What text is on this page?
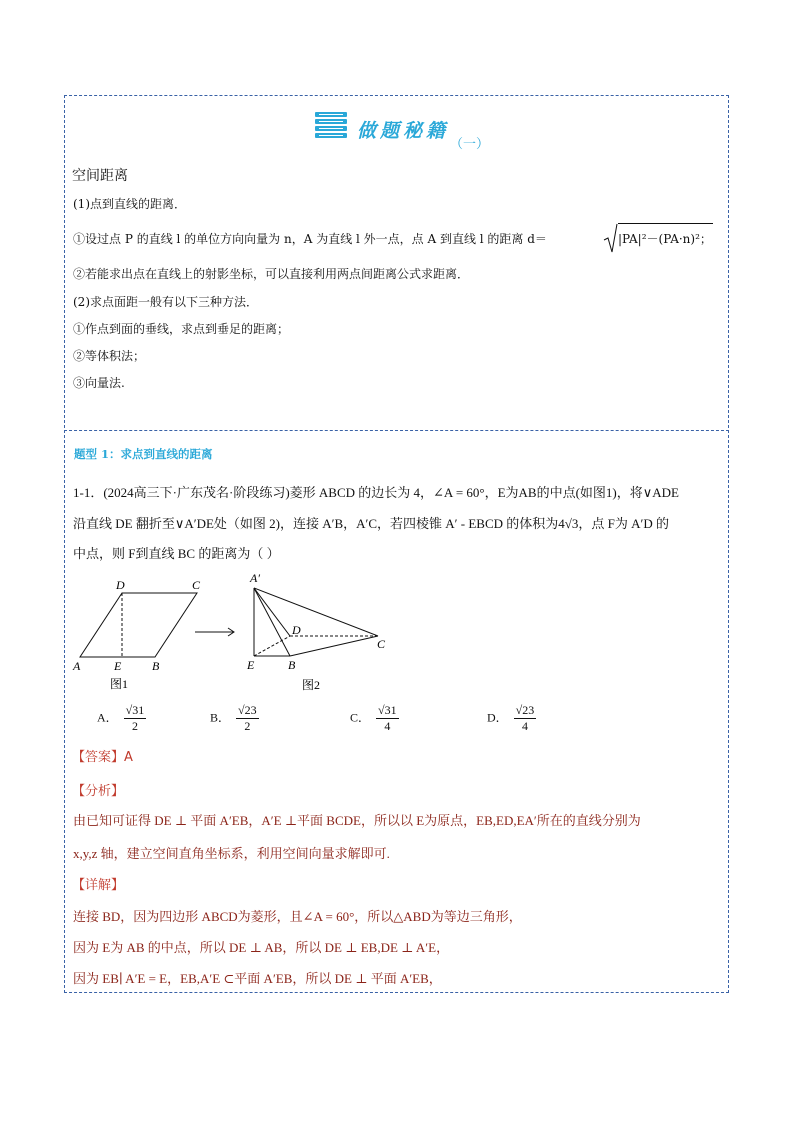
做题秘籍
（一）
空间距离
(1)点到直线的距离．
①设过点 P 的直线 l 的单位方向向量为 n，A 为直线 l 外一点，点 A 到直线 l 的距离 d＝	|PA|²－(PA·n)²；
②若能求出点在直线上的射影坐标，可以直接利用两点间距离公式求距离．
(2)求点面距一般有以下三种方法．
①作点到面的垂线，求点到垂足的距离；
②等体积法；
③向量法.
题型 1：求点到直线的距离
1-1．(2024高三下·广东茂名·阶段练习)菱形 ABCD 的边长为 4，∠A = 60°，E为AB的中点(如图1)，将∨ADE
沿直线 DE 翻折至∨A′DE处（如图 2)，连接 A′B，A′C，若四棱锥 A′ - EBCD 的体积为4√3，点 F为 A′D 的
中点，则 F到直线 BC 的距离为（ ）
A	E	B
D	C
图1
A′
D
C
E	B
图2
A． $\frac{√31}{2}$	B． $\frac{√23}{2}$	C． $\frac{√31}{4}$	D． $\frac{√23}{4}$
【答案】A
【分析】
由已知可证得 DE ⊥ 平面 A′EB，A′E ⊥平面 BCDE，所以以 E为原点，EB,ED,EA′所在的直线分别为
x,y,z 轴，建立空间直角坐标系，利用空间向量求解即可.
【详解】
连接 BD，因为四边形 ABCD为菱形，且∠A = 60°，所以△ABD为等边三角形，
因为 E为 AB 的中点，所以 DE ⊥ AB，所以 DE ⊥ EB,DE ⊥ A′E，
因为 EB∣ A′E = E，EB,A′E ⊂平面 A′EB，所以 DE ⊥ 平面 A′EB，
